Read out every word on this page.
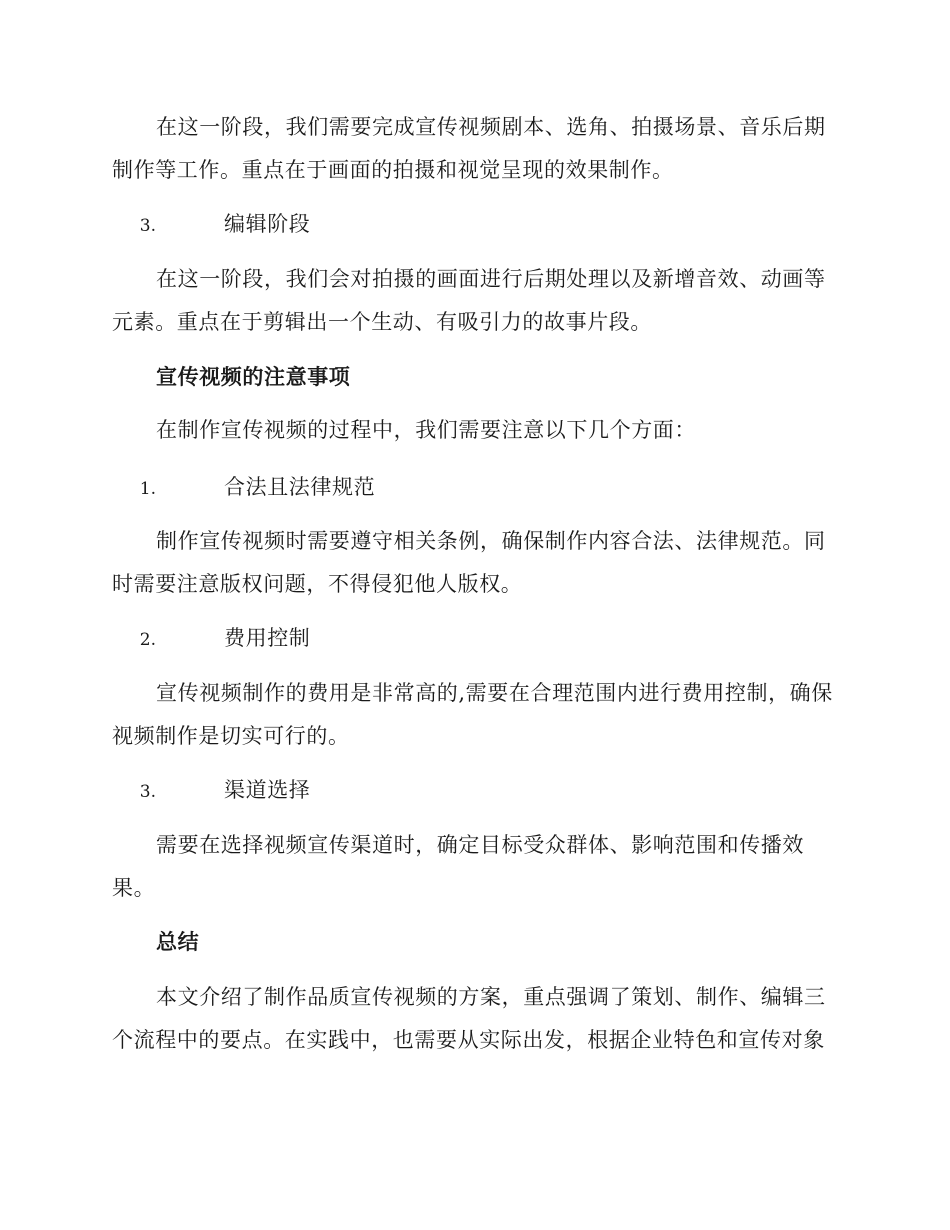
在这一阶段，我们需要完成宣传视频剧本、选角、拍摄场景、音乐后期制作等工作。重点在于画面的拍摄和视觉呈现的效果制作。

3.	编辑阶段

在这一阶段，我们会对拍摄的画面进行后期处理以及新增音效、动画等元素。重点在于剪辑出一个生动、有吸引力的故事片段。

宣传视频的注意事项

在制作宣传视频的过程中，我们需要注意以下几个方面：

1.	合法且法律规范

制作宣传视频时需要遵守相关条例，确保制作内容合法、法律规范。同时需要注意版权问题，不得侵犯他人版权。

2.	费用控制

宣传视频制作的费用是非常高的,需要在合理范围内进行费用控制，确保视频制作是切实可行的。

3.	渠道选择

需要在选择视频宣传渠道时，确定目标受众群体、影响范围和传播效果。

总结

本文介绍了制作品质宣传视频的方案，重点强调了策划、制作、编辑三个流程中的要点。在实践中，也需要从实际出发，根据企业特色和宣传对象
